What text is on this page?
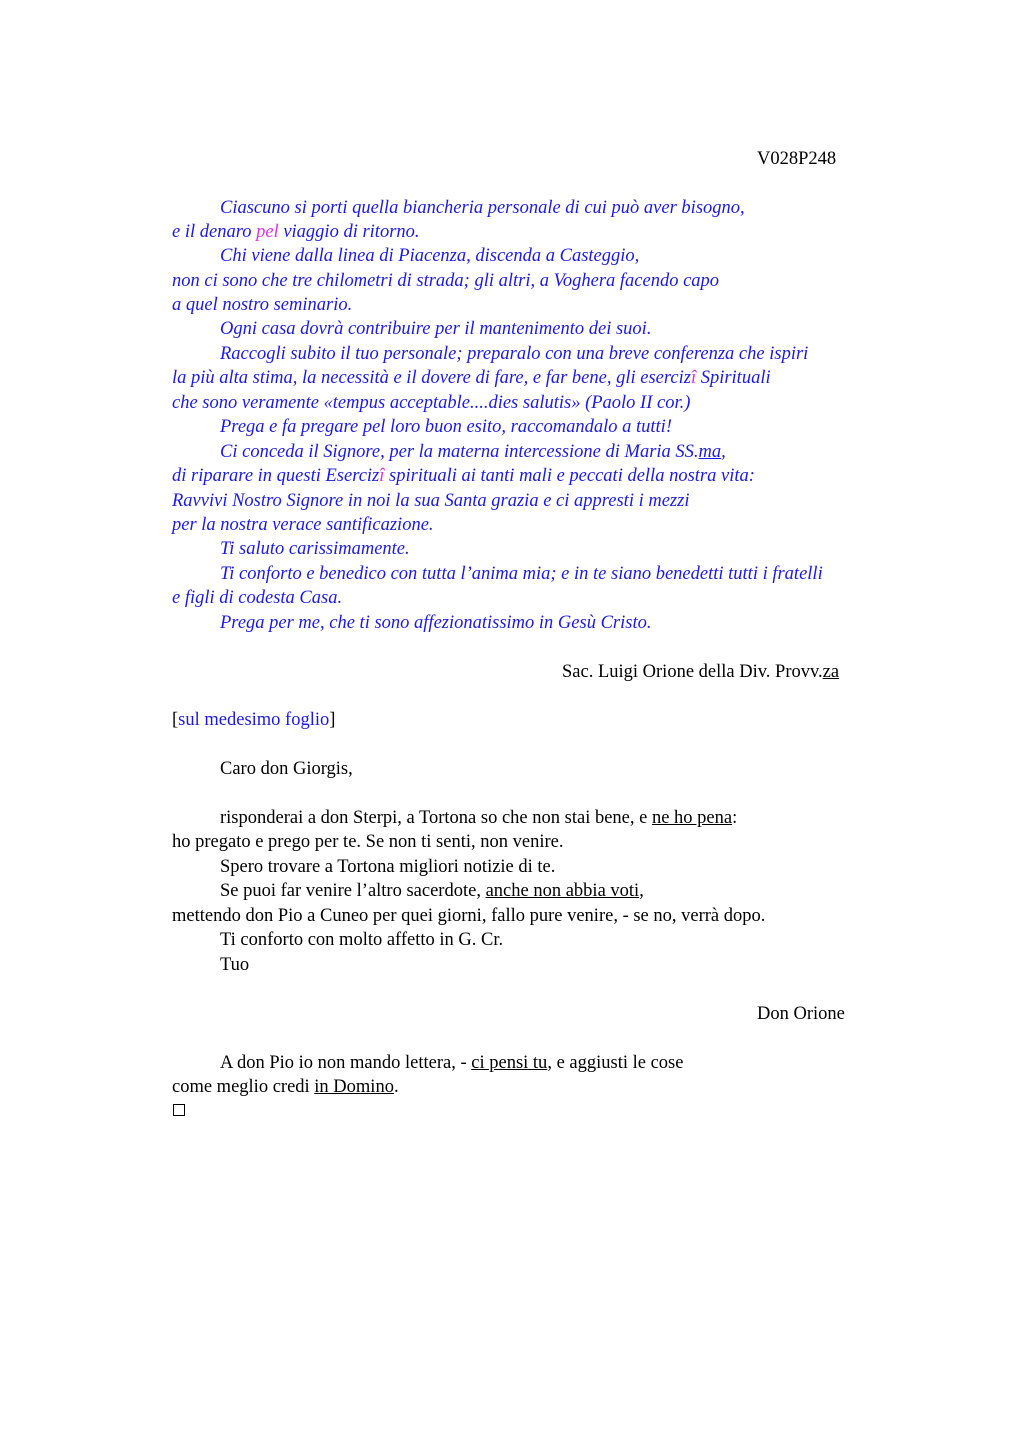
V028P248
Ciascuno si porti quella biancheria personale di cui può aver bisogno,
e il denaro pel viaggio di ritorno.
Chi viene dalla linea di Piacenza, discenda a Casteggio,
non ci sono che tre chilometri di strada; gli altri, a Voghera facendo capo
a quel nostro seminario.
Ogni casa dovrà contribuire per il mantenimento dei suoi.
Raccogli subito il tuo personale; preparalo con una breve conferenza che ispiri
la più alta stima, la necessità e il dovere di fare, e far bene, gli esercizî Spirituali
che sono veramente «tempus acceptable....dies salutis» (Paolo II cor.)
Prega e fa pregare pel loro buon esito, raccomandalo a tutti!
Ci conceda il Signore, per la materna intercessione di Maria SS.ma,
di riparare in questi Esercizî spirituali ai tanti mali e peccati della nostra vita:
Ravvivi Nostro Signore in noi la sua Santa grazia e ci appresti i mezzi
per la nostra verace santificazione.
Ti saluto carissimamente.
Ti conforto e benedico con tutta l’anima mia; e in te siano benedetti tutti i fratelli
e figli di codesta Casa.
Prega per me, che ti sono affezionatissimo in Gesù Cristo.
Sac. Luigi Orione della Div. Provv.za
[sul medesimo foglio]
Caro don Giorgis,
risponderai a don Sterpi, a Tortona so che non stai bene, e ne ho pena:
ho pregato e prego per te. Se non ti senti, non venire.
Spero trovare a Tortona migliori notizie di te.
Se puoi far venire l’altro sacerdote, anche non abbia voti,
mettendo don Pio a Cuneo per quei giorni, fallo pure venire, - se no, verrà dopo.
Ti conforto con molto affetto in G. Cr.
Tuo
Don Orione
A don Pio io non mando lettera, - ci pensi tu, e aggiusti le cose
come meglio credi in Domino.
